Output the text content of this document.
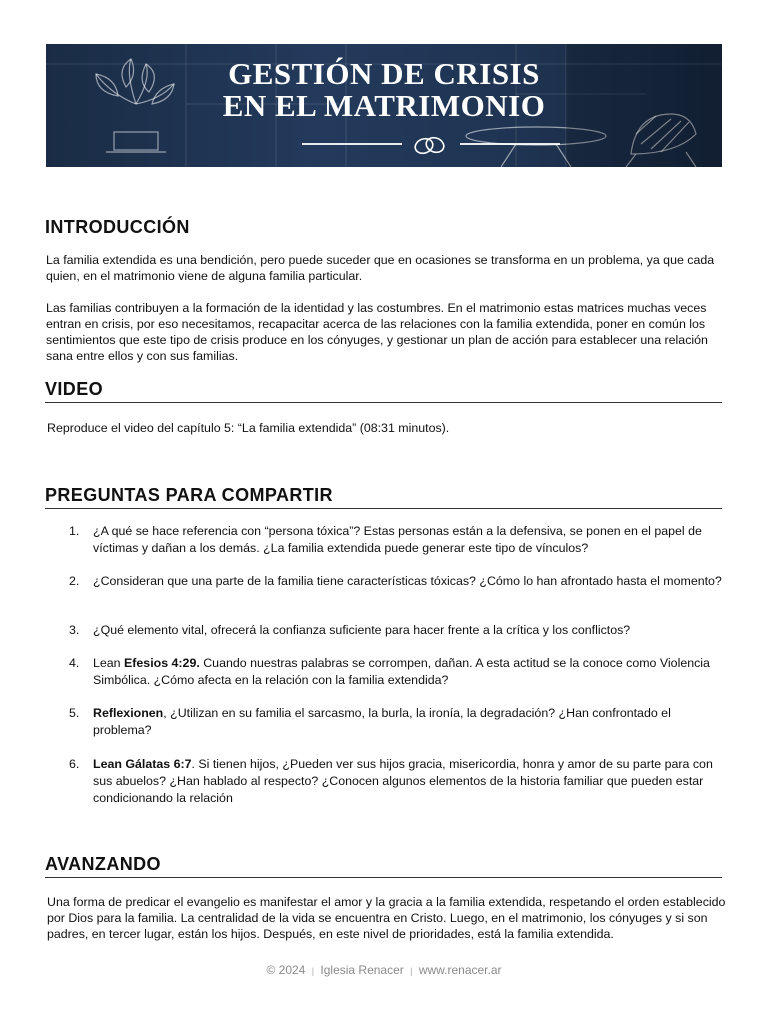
GESTIÓN DE CRISIS
EN EL MATRIMONIO
INTRODUCCIÓN
La familia extendida es una bendición, pero puede suceder que en ocasiones se transforma en un problema, ya que cada quien, en el matrimonio viene de alguna familia particular.
Las familias contribuyen a la formación de la identidad y las costumbres. En el matrimonio estas matrices muchas veces entran en crisis, por eso necesitamos, recapacitar acerca de las relaciones con la familia extendida, poner en común los sentimientos que este tipo de crisis produce en los cónyuges, y gestionar un plan de acción para establecer una relación sana entre ellos y con sus familias.
VIDEO
Reproduce el video del capítulo 5: “La familia extendida” (08:31 minutos).
PREGUNTAS PARA COMPARTIR
1. ¿A qué se hace referencia con “persona tóxica”? Estas personas están a la defensiva, se ponen en el papel de víctimas y dañan a los demás. ¿La familia extendida puede generar este tipo de vínculos?
2. ¿Consideran que una parte de la familia tiene características tóxicas? ¿Cómo lo han afrontado hasta el momento?
3. ¿Qué elemento vital, ofrecerá la confianza suficiente para hacer frente a la crítica y los conflictos?
4. Lean Efesios 4:29. Cuando nuestras palabras se corrompen, dañan. A esta actitud se la conoce como Violencia Simbólica. ¿Cómo afecta en la relación con la familia extendida?
5. Reflexionen, ¿Utilizan en su familia el sarcasmo, la burla, la ironía, la degradación? ¿Han confrontado el problema?
6. Lean Gálatas 6:7. Si tienen hijos, ¿Pueden ver sus hijos gracia, misericordia, honra y amor de su parte para con sus abuelos? ¿Han hablado al respecto? ¿Conocen algunos elementos de la historia familiar que pueden estar condicionando la relación
AVANZANDO
Una forma de predicar el evangelio es manifestar el amor y la gracia a la familia extendida, respetando el orden establecido por Dios para la familia. La centralidad de la vida se encuentra en Cristo. Luego, en el matrimonio, los cónyuges y si son padres, en tercer lugar, están los hijos. Después, en este nivel de prioridades, está la familia extendida.
© 2024 | Iglesia Renacer | www.renacer.ar
